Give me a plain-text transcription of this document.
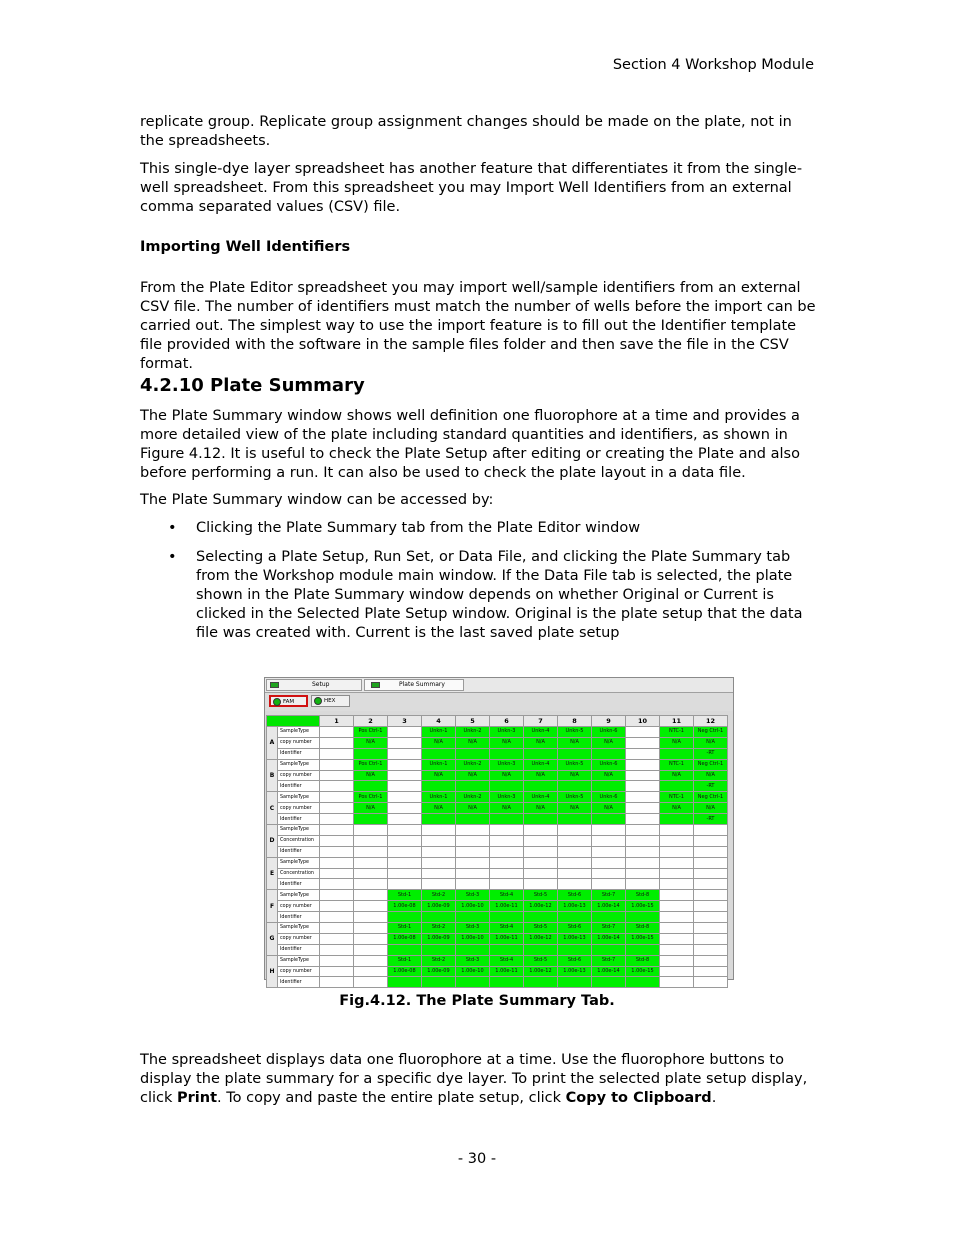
Section 4 Workshop Module

replicate group. Replicate group assignment changes should be made on the plate, not in the spreadsheets.

This single-dye layer spreadsheet has another feature that differentiates it from the single-well spreadsheet. From this spreadsheet you may Import Well Identifiers from an external comma separated values (CSV) file.

Importing Well Identifiers

From the Plate Editor spreadsheet you may import well/sample identifiers from an external CSV file. The number of identifiers must match the number of wells before the import can be carried out. The simplest way to use the import feature is to fill out the Identifier template file provided with the software in the sample files folder and then save the file in the CSV format.

4.2.10 Plate Summary

The Plate Summary window shows well definition one fluorophore at a time and provides a more detailed view of the plate including standard quantities and identifiers, as shown in Figure 4.12. It is useful to check the Plate Setup after editing or creating the Plate and also before performing a run. It can also be used to check the plate layout in a data file.

The Plate Summary window can be accessed by:

• Clicking the Plate Summary tab from the Plate Editor window
• Selecting a Plate Setup, Run Set, or Data File, and clicking the Plate Summary tab from the Workshop module main window. If the Data File tab is selected, the plate shown in the Plate Summary window depends on whether Original or Current is clicked in the Selected Plate Setup window. Original is the plate setup that the data file was created with. Current is the last saved plate setup
Setup	Plate Summary
FAM	HEX
		1	2	3	4	5	6	7	8	9	10	11	12
A	SampleType		Pos Ctrl-1		Unkn-1	Unkn-2	Unkn-3	Unkn-4	Unkn-5	Unkn-6		NTC-1	Neg Ctrl-1
	copy number		N/A		N/A	N/A	N/A	N/A	N/A	N/A		N/A	N/A
	Identifier												-RT
B	SampleType		Pos Ctrl-1		Unkn-1	Unkn-2	Unkn-3	Unkn-4	Unkn-5	Unkn-6		NTC-1	Neg Ctrl-1
	copy number		N/A		N/A	N/A	N/A	N/A	N/A	N/A		N/A	N/A
	Identifier												-RT
C	SampleType		Pos Ctrl-1		Unkn-1	Unkn-2	Unkn-3	Unkn-4	Unkn-5	Unkn-6		NTC-1	Neg Ctrl-1
	copy number		N/A		N/A	N/A	N/A	N/A	N/A	N/A		N/A	N/A
	Identifier												-RT
D	SampleType												
	Concentration												
	Identifier												
E	SampleType												
	Concentration												
	Identifier												
F	SampleType			Std-1	Std-2	Std-3	Std-4	Std-5	Std-6	Std-7	Std-8		
	copy number			1.00e-08	1.00e-09	1.00e-10	1.00e-11	1.00e-12	1.00e-13	1.00e-14	1.00e-15		
	Identifier												
G	SampleType			Std-1	Std-2	Std-3	Std-4	Std-5	Std-6	Std-7	Std-8		
	copy number			1.00e-08	1.00e-09	1.00e-10	1.00e-11	1.00e-12	1.00e-13	1.00e-14	1.00e-15		
	Identifier												
H	SampleType			Std-1	Std-2	Std-3	Std-4	Std-5	Std-6	Std-7	Std-8		
	copy number			1.00e-08	1.00e-09	1.00e-10	1.00e-11	1.00e-12	1.00e-13	1.00e-14	1.00e-15		
	Identifier												
Fig.4.12. The Plate Summary Tab.

The spreadsheet displays data one fluorophore at a time. Use the fluorophore buttons to display the plate summary for a specific dye layer. To print the selected plate setup display, click Print. To copy and paste the entire plate setup, click Copy to Clipboard.

- 30 -
